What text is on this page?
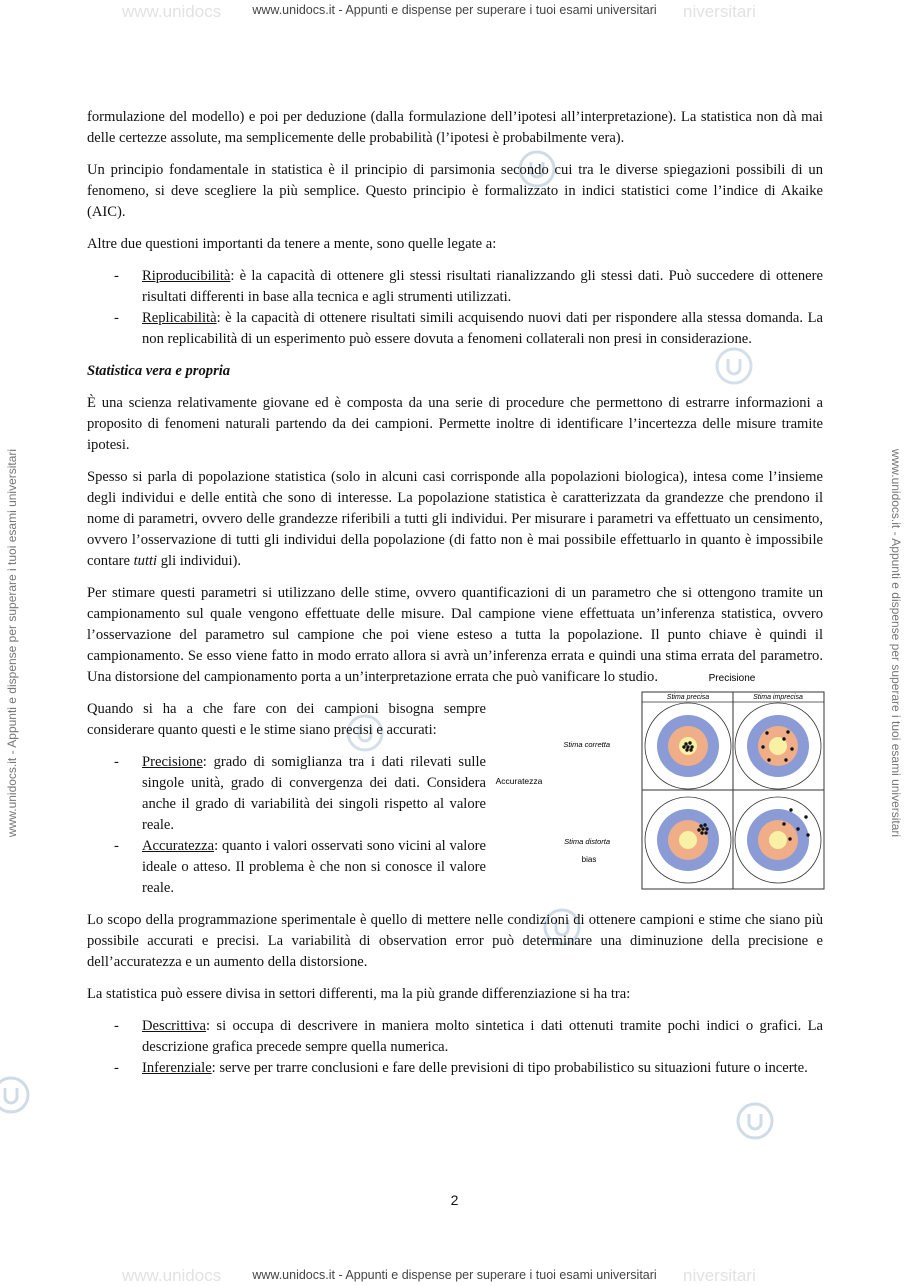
www.unidocs	niversitari
www.unidocs	niversitari
www.unidocs.it - Appunti e dispense per superare i tuoi esami universitari
www.unidocs.it - Appunti e dispense per superare i tuoi esami universitari
www.unidocs.it - Appunti e dispense per superare i tuoi esami universitari	www.unidocs.it - Appunti e dispense per superare i tuoi esami universitari

formulazione del modello) e poi per deduzione (dalla formulazione dell’ipotesi all’interpretazione). La statistica non dà mai delle certezze assolute, ma semplicemente delle probabilità (l’ipotesi è probabilmente vera).

Un principio fondamentale in statistica è il principio di parsimonia secondo cui tra le diverse spiegazioni possibili di un fenomeno, si deve scegliere la più semplice. Questo principio è formalizzato in indici statistici come l’indice di Akaike (AIC).

Altre due questioni importanti da tenere a mente, sono quelle legate a:

- Riproducibilità: è la capacità di ottenere gli stessi risultati rianalizzando gli stessi dati. Può succedere di ottenere risultati differenti in base alla tecnica e agli strumenti utilizzati.
- Replicabilità: è la capacità di ottenere risultati simili acquisendo nuovi dati per rispondere alla stessa domanda. La non replicabilità di un esperimento può essere dovuta a fenomeni collaterali non presi in considerazione.
Statistica vera e propria

È una scienza relativamente giovane ed è composta da una serie di procedure che permettono di estrarre informazioni a proposito di fenomeni naturali partendo da dei campioni. Permette inoltre di identificare l’incertezza delle misure tramite ipotesi.

Spesso si parla di popolazione statistica (solo in alcuni casi corrisponde alla popolazioni biologica), intesa come l’insieme degli individui e delle entità che sono di interesse. La popolazione statistica è caratterizzata da grandezze che prendono il nome di parametri, ovvero delle grandezze riferibili a tutti gli individui. Per misurare i parametri va effettuato un censimento, ovvero l’osservazione di tutti gli individui della popolazione (di fatto non è mai possibile effettuarlo in quanto è impossibile contare tutti gli individui).

Per stimare questi parametri si utilizzano delle stime, ovvero quantificazioni di un parametro che si ottengono tramite un campionamento sul quale vengono effettuate delle misure. Dal campione viene effettuata un’inferenza statistica, ovvero l’osservazione del parametro sul campione che poi viene esteso a tutta la popolazione. Il punto chiave è quindi il campionamento. Se esso viene fatto in modo errato allora si avrà un’inferenza errata e quindi una stima errata del parametro. Una distorsione del campionamento porta a un’interpretazione errata che può vanificare lo studio.

Quando si ha a che fare con dei campioni bisogna sempre considerare quanto questi e le stime siano precisi e accurati:

- Precisione: grado di somiglianza tra i dati rilevati sulle singole unità, grado di convergenza dei dati. Considera anche il grado di variabilità dei singoli rispetto al valore reale.
- Accuratezza: quanto i valori osservati sono vicini al valore ideale o atteso. Il problema è che non si conosce il valore reale.
Precisione
Stima precisa	Stima imprecisa
Stima corretta
Stima distorta
Accuratezza
bias

Lo scopo della programmazione sperimentale è quello di mettere nelle condizioni di ottenere campioni e stime che siano più possibile accurati e precisi. La variabilità di observation error può determinare una diminuzione della precisione e dell’accuratezza e un aumento della distorsione.

La statistica può essere divisa in settori differenti, ma la più grande differenziazione si ha tra:

- Descrittiva: si occupa di descrivere in maniera molto sintetica i dati ottenuti tramite pochi indici o grafici. La descrizione grafica precede sempre quella numerica.
- Inferenziale: serve per trarre conclusioni e fare delle previsioni di tipo probabilistico su situazioni future o incerte.
2
